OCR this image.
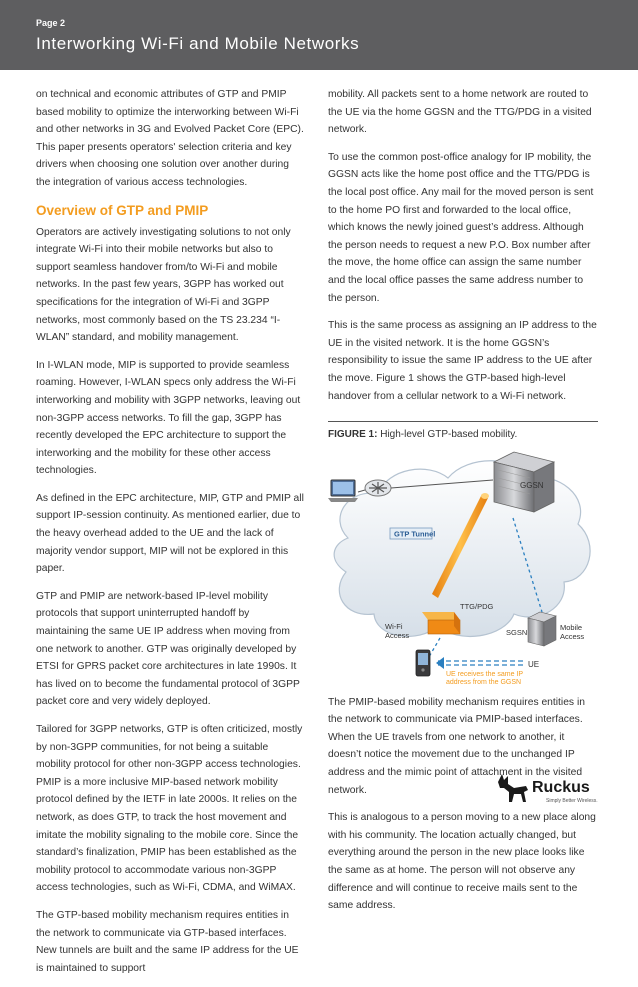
Page 2
Interworking Wi-Fi and Mobile Networks

on technical and economic attributes of GTP and PMIP based mobility to optimize the interworking between Wi-Fi and other networks in 3G and Evolved Packet Core (EPC). This paper presents operators' selection criteria and key drivers when choosing one solution over another during the integration of various access technologies.

Overview of GTP and PMIP

Operators are actively investigating solutions to not only integrate Wi-Fi into their mobile networks but also to support seamless handover from/to Wi-Fi and mobile networks. In the past few years, 3GPP has worked out specifications for the integration of Wi-Fi and 3GPP networks, most commonly based on the TS 23.234 “I-WLAN” standard, and mobility management.

In I-WLAN mode, MIP is supported to provide seamless roaming. However, I-WLAN specs only address the Wi-Fi interworking and mobility with 3GPP networks, leaving out non-3GPP access networks. To fill the gap, 3GPP has recently developed the EPC architecture to support the interworking and the mobility for these other access technologies.

As defined in the EPC architecture, MIP, GTP and PMIP all support IP-session continuity. As mentioned earlier, due to the heavy overhead added to the UE and the lack of majority vendor support, MIP will not be explored in this paper.

GTP and PMIP are network-based IP-level mobility protocols that support uninterrupted handoff by maintaining the same UE IP address when moving from one network to another. GTP was originally developed by ETSI for GPRS packet core architectures in late 1990s. It has lived on to become the fundamental protocol of 3GPP packet core and very widely deployed.

Tailored for 3GPP networks, GTP is often criticized, mostly by non-3GPP communities, for not being a suitable mobility protocol for other non-3GPP access technologies. PMIP is a more inclusive MIP-based network mobility protocol defined by the IETF in late 2000s. It relies on the network, as does GTP, to track the host movement and imitate the mobility signaling to the mobile core. Since the standard’s finalization, PMIP has been established as the mobility protocol to accommodate various non-3GPP access technologies, such as Wi-Fi, CDMA, and WiMAX.

The GTP-based mobility mechanism requires entities in the network to communicate via GTP-based interfaces. New tunnels are built and the same IP address for the UE is maintained to support

mobility. All packets sent to a home network are routed to the UE via the home GGSN and the TTG/PDG in a visited network.

To use the common post-office analogy for IP mobility, the GGSN acts like the home post office and the TTG/PDG is the local post office. Any mail for the moved person is sent to the home PO first and forwarded to the local office, which knows the newly joined guest’s address. Although the person needs to request a new P.O. Box number after the move, the home office can assign the same number and the local office passes the same address number to the person.

This is the same process as assigning an IP address to the UE in the visited network. It is the home GGSN’s responsibility to issue the same IP address to the UE after the move. Figure 1 shows the GTP-based high-level handover from a cellular network to a Wi-Fi network.

FIGURE 1: High-level GTP-based mobility.
GGSN
GTP Tunnel
TTG/PDG
Wi-Fi
Access	SGSN
Mobile
Access
UE
UE receives the same IP
address from the GGSN

The PMIP-based mobility mechanism requires entities in the network to communicate via PMIP-based interfaces. When the UE travels from one network to another, it doesn’t notice the movement due to the unchanged IP address and the mimic point of attachment in the visited network.

This is analogous to a person moving to a new place along with his community. The location actually changed, but everything around the person in the new place looks like the same as at home. The person will not observe any difference and will continue to receive mails sent to the same address.

Ruckus
Simply Better Wireless.
